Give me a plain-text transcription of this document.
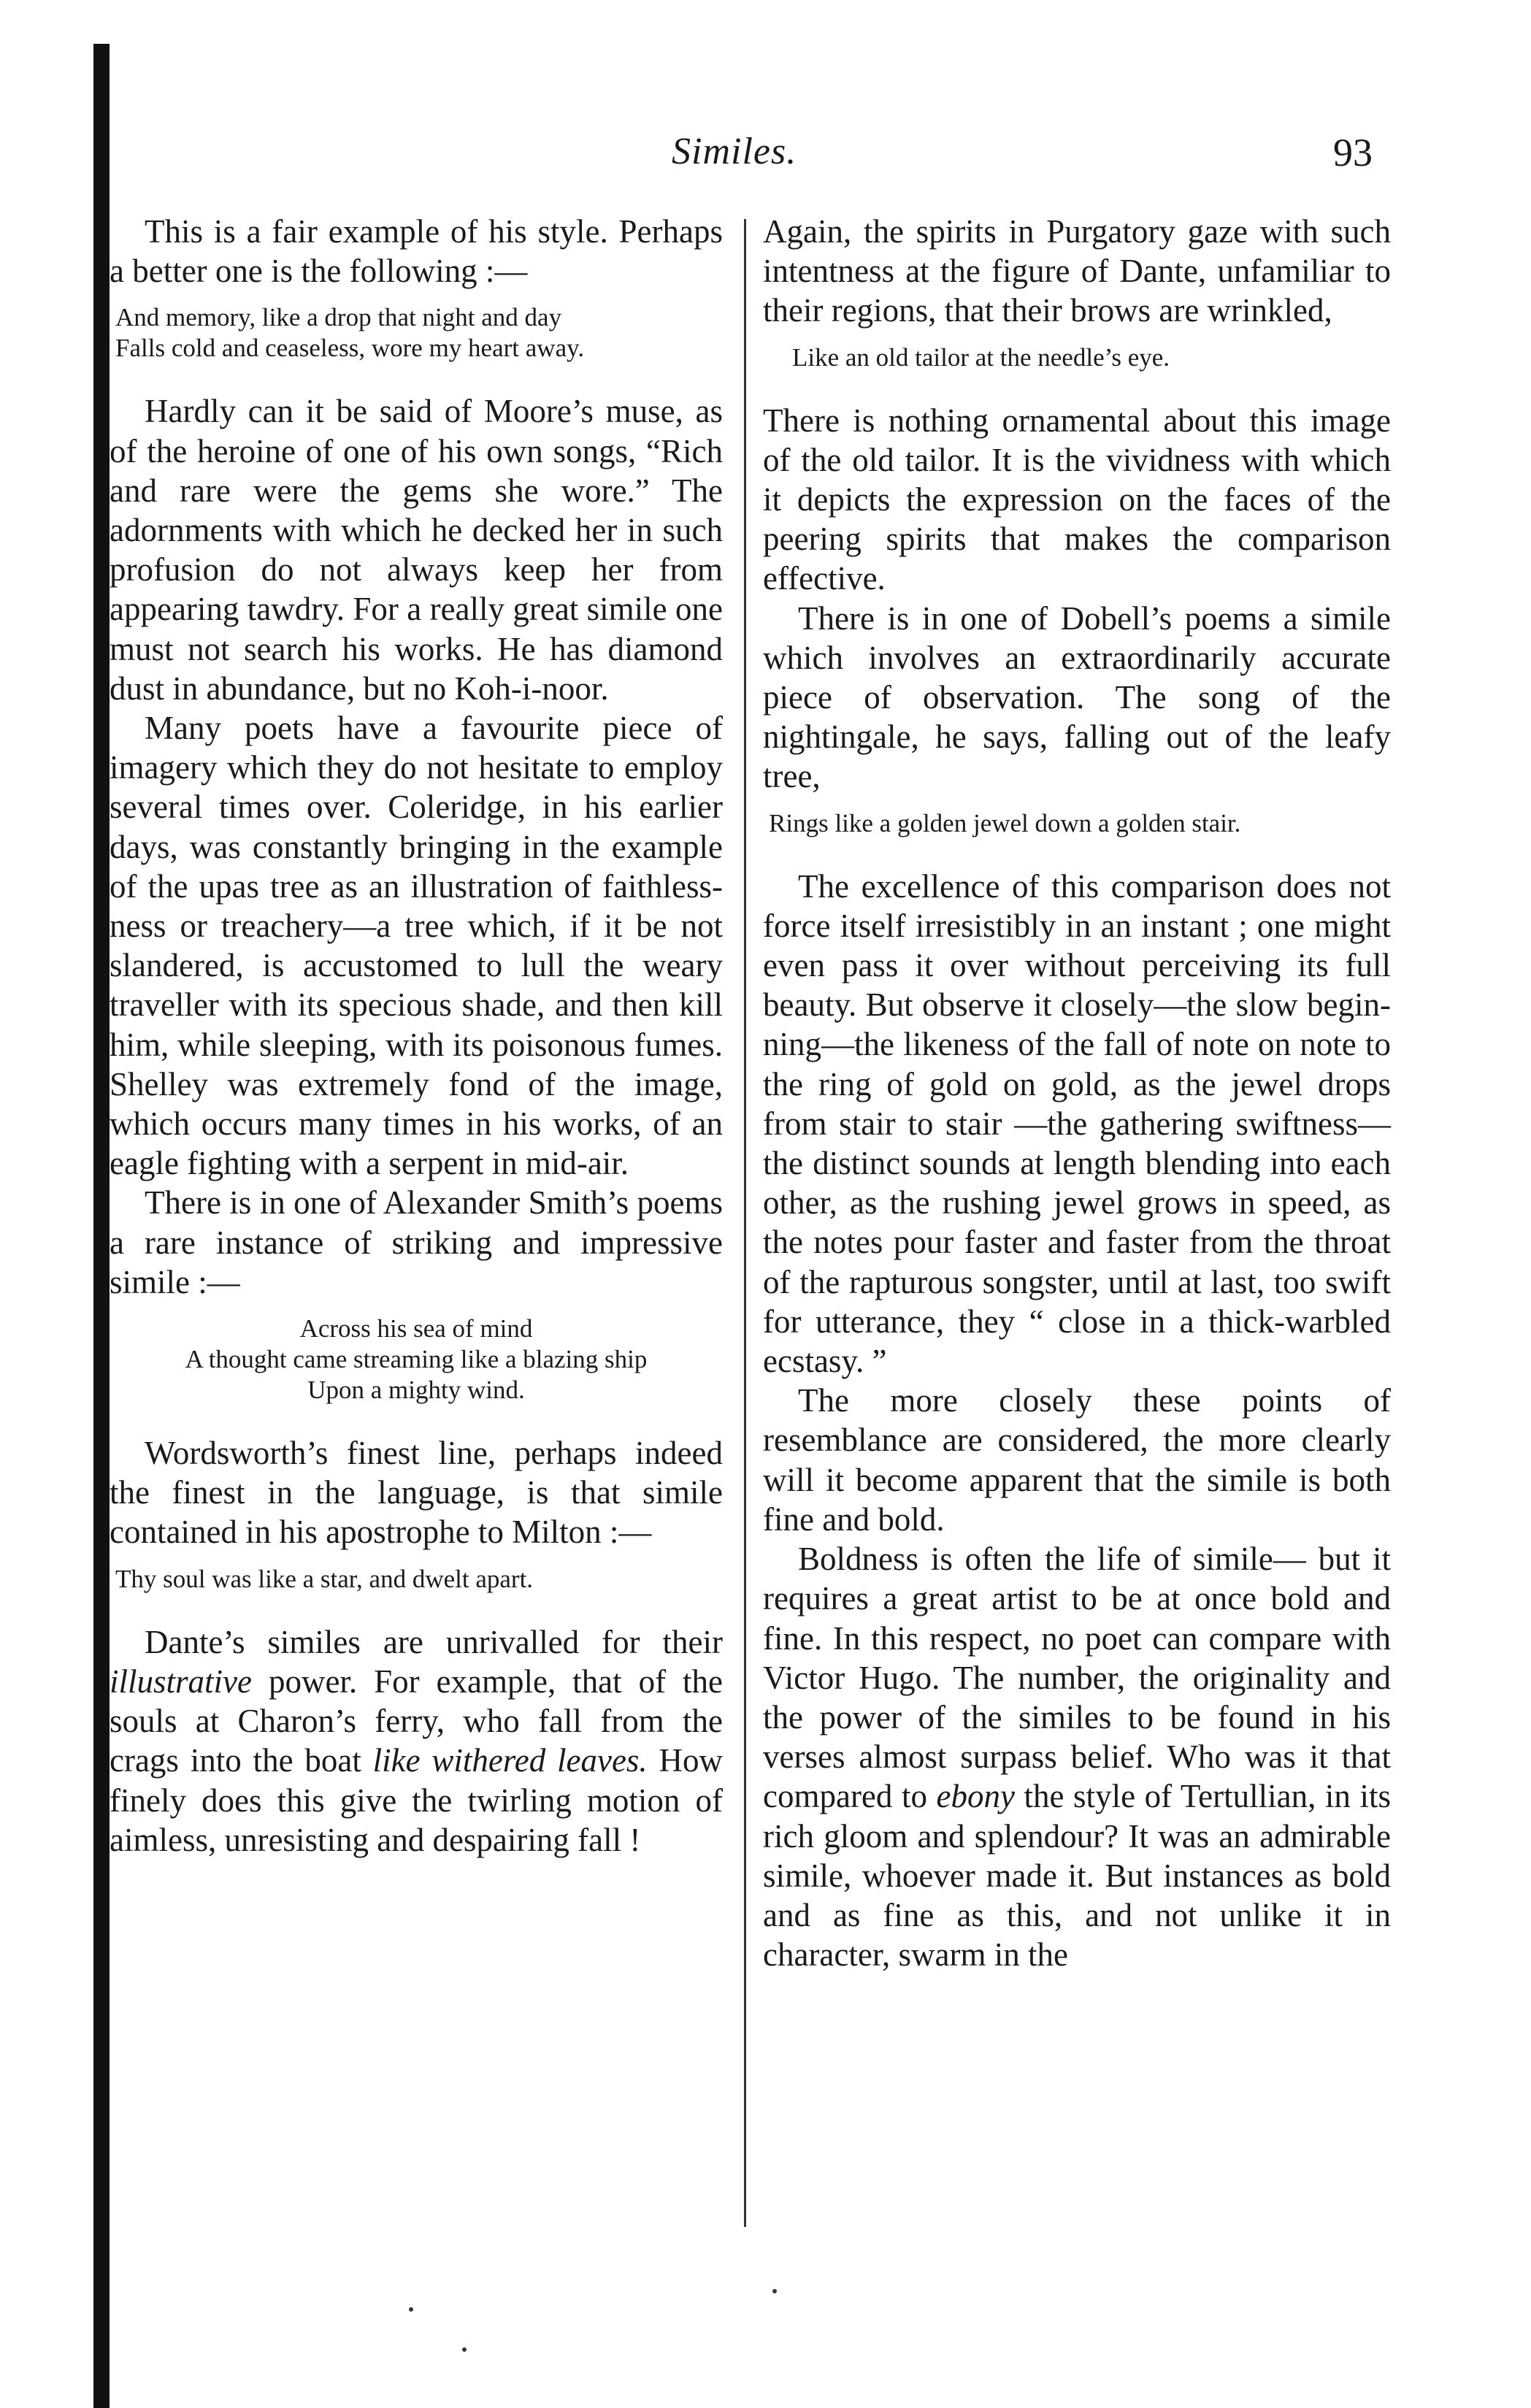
Similes.	93

This is a fair example of his style. Perhaps a better one is the following :—

And memory, like a drop that night and day
Falls cold and ceaseless, wore my heart away.

Hardly can it be said of Moore’s muse, as of the heroine of one of his own songs, “Rich and rare were the gems she wore.” The adornments with which he decked her in such profusion do not always keep her from appearing tawdry. For a really great simile one must not search his works. He has diamond dust in abundance, but no Koh-i-noor.

Many poets have a favourite piece of imagery which they do not hesitate to employ several times over. Coleridge, in his earlier days, was constantly bringing in the example of the upas tree as an illustration of faithlessness or treachery—a tree which, if it be not slandered, is accustomed to lull the weary traveller with its specious shade, and then kill him, while sleeping, with its poisonous fumes. Shelley was extremely fond of the image, which occurs many times in his works, of an eagle fighting with a serpent in mid-air.

There is in one of Alexander Smith’s poems a rare instance of striking and impressive simile :—

Across his sea of mind
A thought came streaming like a blazing ship
Upon a mighty wind.

Wordsworth’s finest line, perhaps indeed the finest in the language, is that simile contained in his apostrophe to Milton :—

Thy soul was like a star, and dwelt apart.

Dante’s similes are unrivalled for their illustrative power. For example, that of the souls at Charon’s ferry, who fall from the crags into the boat like withered leaves. How finely does this give the twirling motion of aimless, unresisting and despairing fall !

Again, the spirits in Purgatory gaze with such intentness at the figure of Dante, unfamiliar to their regions, that their brows are wrinkled,

Like an old tailor at the needle’s eye.

There is nothing ornamental about this image of the old tailor. It is the vividness with which it depicts the expression on the faces of the peering spirits that makes the comparison effective.

There is in one of Dobell’s poems a simile which involves an extraordinarily accurate piece of observation. The song of the nightingale, he says, falling out of the leafy tree,

Rings like a golden jewel down a golden stair.

The excellence of this comparison does not force itself irresistibly in an instant ; one might even pass it over without perceiving its full beauty. But observe it closely—the slow beginning—the likeness of the fall of note on note to the ring of gold on gold, as the jewel drops from stair to stair —the gathering swiftness—the distinct sounds at length blending into each other, as the rushing jewel grows in speed, as the notes pour faster and faster from the throat of the rapturous songster, until at last, too swift for utterance, they “ close in a thick-warbled ecstasy. ”

The more closely these points of resemblance are considered, the more clearly will it become apparent that the simile is both fine and bold.

Boldness is often the life of simile— but it requires a great artist to be at once bold and fine. In this respect, no poet can compare with Victor Hugo. The number, the originality and the power of the similes to be found in his verses almost surpass belief. Who was it that compared to ebony the style of Tertullian, in its rich gloom and splendour? It was an admirable simile, whoever made it. But instances as bold and as fine as this, and not unlike it in character, swarm in the
